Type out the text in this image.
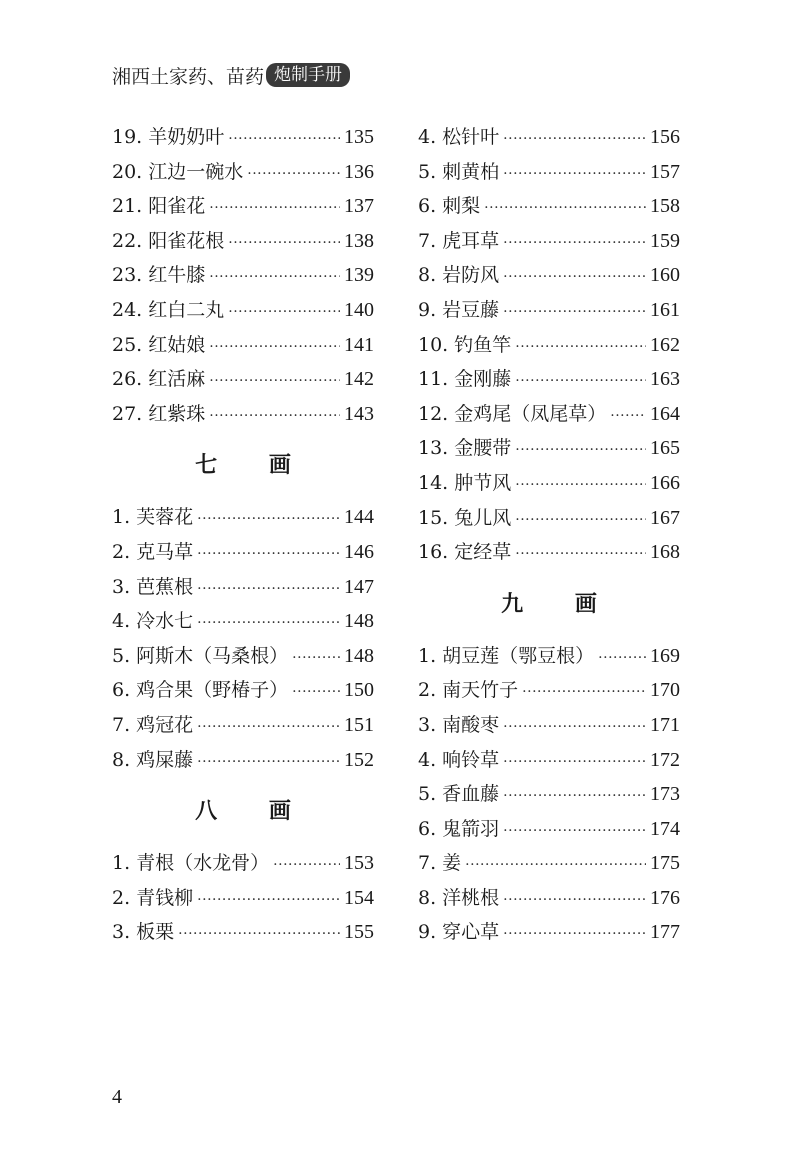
湘西土家药、苗药 炮制手册
19. 羊奶奶叶 ·····	135
20. 江边一碗水 ·····	136
21. 阳雀花 ·····	137
22. 阳雀花根 ·····	138
23. 红牛膝 ·····	139
24. 红白二丸 ·····	140
25. 红姑娘 ·····	141
26. 红活麻 ·····	142
27. 红紫珠 ·····	143
七 画
1. 芙蓉花 ·····	144
2. 克马草 ·····	146
3. 芭蕉根 ·····	147
4. 冷水七 ·····	148
5. 阿斯木（马桑根） ·····	148
6. 鸡合果（野椿子） ·····	150
7. 鸡冠花 ·····	151
8. 鸡屎藤 ·····	152
八 画
1. 青根（水龙骨） ·····	153
2. 青钱柳 ·····	154
3. 板栗 ·····	155
4. 松针叶 ·····	156
5. 刺黄柏 ·····	157
6. 刺梨 ·····	158
7. 虎耳草 ·····	159
8. 岩防风 ·····	160
9. 岩豆藤 ·····	161
10. 钓鱼竿 ·····	162
11. 金刚藤 ·····	163
12. 金鸡尾（凤尾草） ····· 164
13. 金腰带 ·····	165
14. 肿节风 ·····	166
15. 兔儿风 ·····	167
16. 定经草 ·····	168
九 画
1. 胡豆莲（鄂豆根） ·····	169
2. 南天竹子 ·····	170
3. 南酸枣 ·····	171
4. 响铃草 ·····	172
5. 香血藤 ·····	173
6. 鬼箭羽 ·····	174
7. 姜 ·····	175
8. 洋桃根 ·····	176
9. 穿心草 ·····	177
4
